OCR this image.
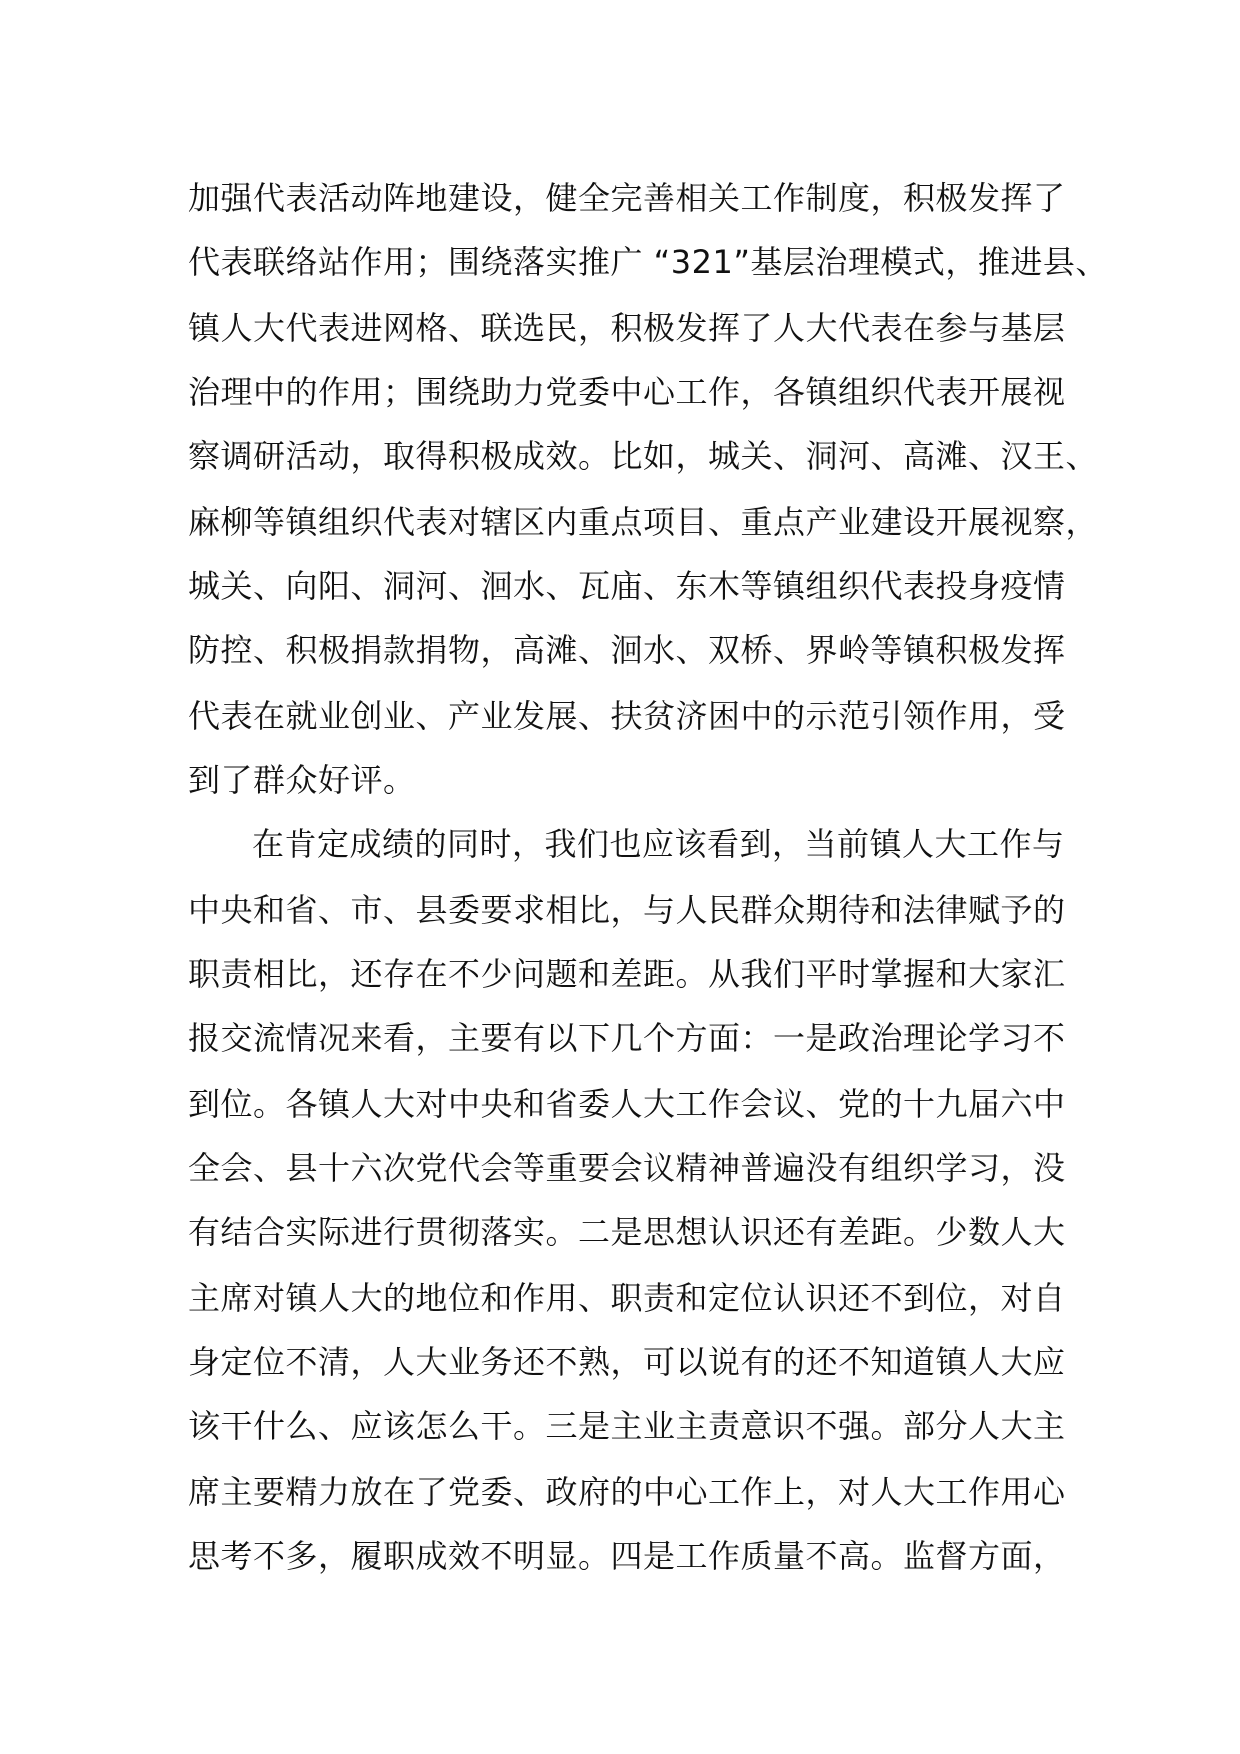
加强代表活动阵地建设，健全完善相关工作制度，积极发挥了
代表联络站作用；围绕落实推广 “321”基层治理模式，推进县、
镇人大代表进网格、联选民，积极发挥了人大代表在参与基层
治理中的作用；围绕助力党委中心工作，各镇组织代表开展视
察调研活动，取得积极成效。比如，城关、洞河、高滩、汉王、
麻柳等镇组织代表对辖区内重点项目、重点产业建设开展视察，
城关、向阳、洞河、洄水、瓦庙、东木等镇组织代表投身疫情
防控、积极捐款捐物，高滩、洄水、双桥、界岭等镇积极发挥
代表在就业创业、产业发展、扶贫济困中的示范引领作用，受
到了群众好评。
在肯定成绩的同时，我们也应该看到，当前镇人大工作与
中央和省、市、县委要求相比，与人民群众期待和法律赋予的
职责相比，还存在不少问题和差距。从我们平时掌握和大家汇
报交流情况来看，主要有以下几个方面：一是政治理论学习不
到位。各镇人大对中央和省委人大工作会议、党的十九届六中
全会、县十六次党代会等重要会议精神普遍没有组织学习，没
有结合实际进行贯彻落实。二是思想认识还有差距。少数人大
主席对镇人大的地位和作用、职责和定位认识还不到位，对自
身定位不清，人大业务还不熟，可以说有的还不知道镇人大应
该干什么、应该怎么干。三是主业主责意识不强。部分人大主
席主要精力放在了党委、政府的中心工作上，对人大工作用心
思考不多，履职成效不明显。四是工作质量不高。监督方面，
